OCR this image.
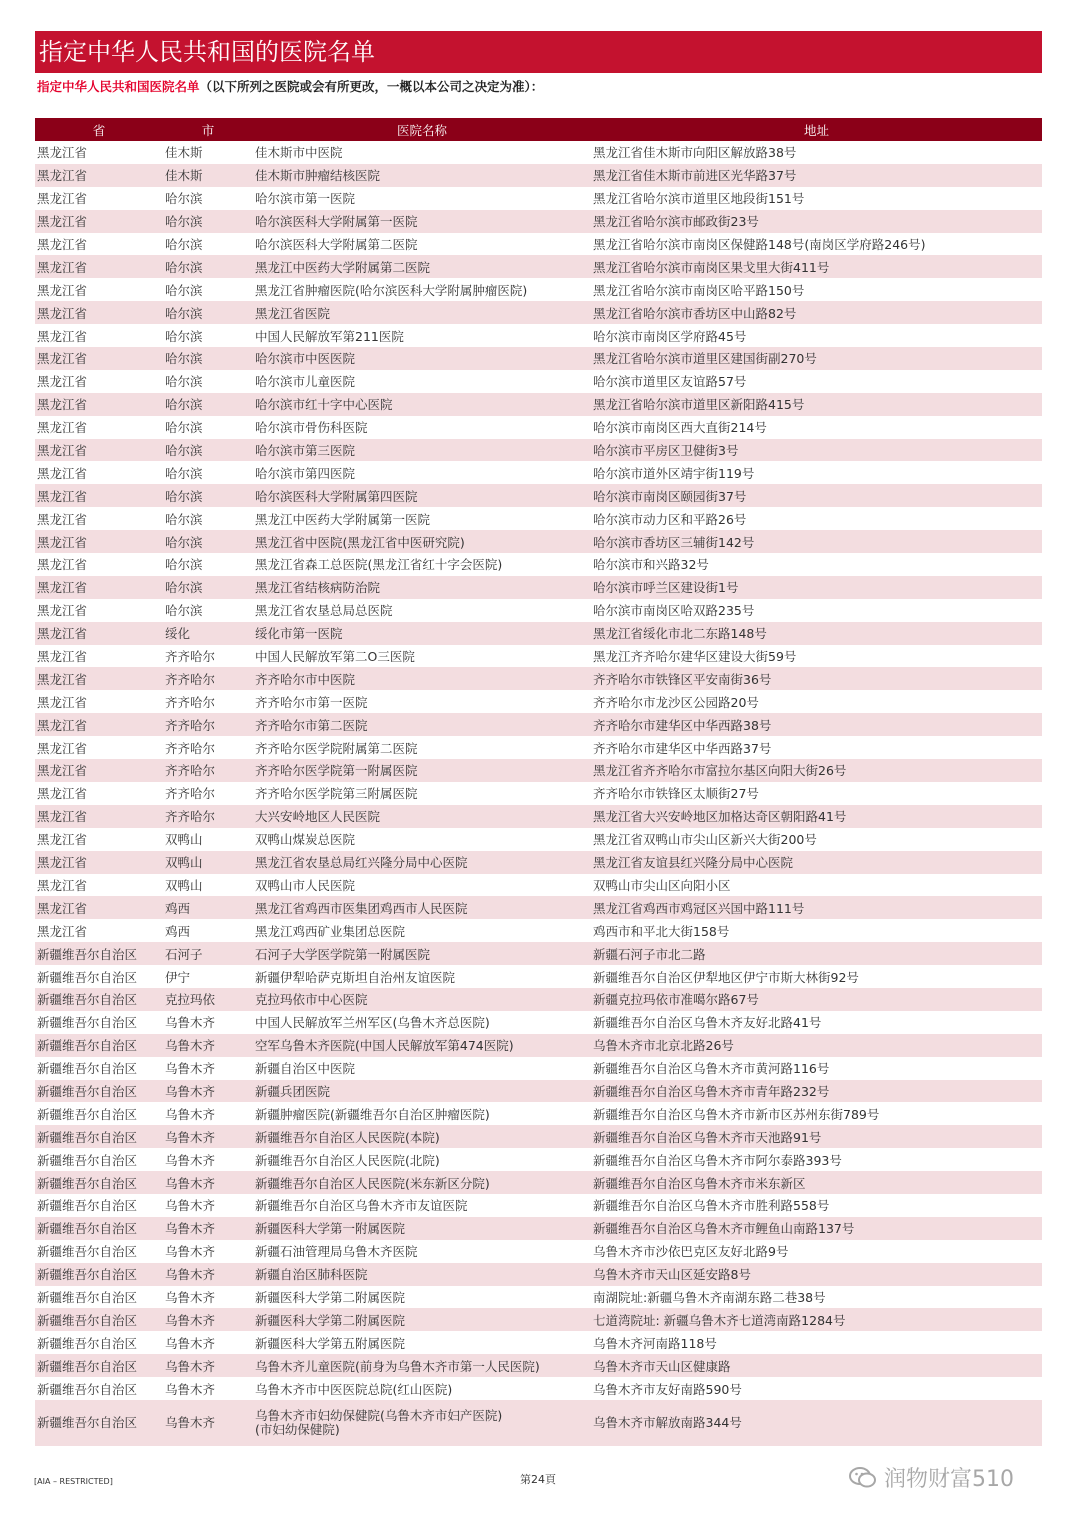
指定中华人民共和国的医院名单
指定中华人民共和国医院名单（以下所列之医院或会有所更改，一概以本公司之决定为准）：
省	市	医院名称	地址
黑龙江省	佳木斯	佳木斯市中医院	黑龙江省佳木斯市向阳区解放路38号
黑龙江省	佳木斯	佳木斯市肿瘤结核医院	黑龙江省佳木斯市前进区光华路37号
黑龙江省	哈尔滨	哈尔滨市第一医院	黑龙江省哈尔滨市道里区地段街151号
黑龙江省	哈尔滨	哈尔滨医科大学附属第一医院	黑龙江省哈尔滨市邮政街23号
黑龙江省	哈尔滨	哈尔滨医科大学附属第二医院	黑龙江省哈尔滨市南岗区保健路148号(南岗区学府路246号)
黑龙江省	哈尔滨	黑龙江中医药大学附属第二医院	黑龙江省哈尔滨市南岗区果戈里大街411号
黑龙江省	哈尔滨	黑龙江省肿瘤医院(哈尔滨医科大学附属肿瘤医院)	黑龙江省哈尔滨市南岗区哈平路150号
黑龙江省	哈尔滨	黑龙江省医院	黑龙江省哈尔滨市香坊区中山路82号
黑龙江省	哈尔滨	中国人民解放军第211医院	哈尔滨市南岗区学府路45号
黑龙江省	哈尔滨	哈尔滨市中医医院	黑龙江省哈尔滨市道里区建国街副270号
黑龙江省	哈尔滨	哈尔滨市儿童医院	哈尔滨市道里区友谊路57号
黑龙江省	哈尔滨	哈尔滨市红十字中心医院	黑龙江省哈尔滨市道里区新阳路415号
黑龙江省	哈尔滨	哈尔滨市骨伤科医院	哈尔滨市南岗区西大直街214号
黑龙江省	哈尔滨	哈尔滨市第三医院	哈尔滨市平房区卫健街3号
黑龙江省	哈尔滨	哈尔滨市第四医院	哈尔滨市道外区靖宇街119号
黑龙江省	哈尔滨	哈尔滨医科大学附属第四医院	哈尔滨市南岗区颐园街37号
黑龙江省	哈尔滨	黑龙江中医药大学附属第一医院	哈尔滨市动力区和平路26号
黑龙江省	哈尔滨	黑龙江省中医院(黑龙江省中医研究院)	哈尔滨市香坊区三辅街142号
黑龙江省	哈尔滨	黑龙江省森工总医院(黑龙江省红十字会医院)	哈尔滨市和兴路32号
黑龙江省	哈尔滨	黑龙江省结核病防治院	哈尔滨市呼兰区建设街1号
黑龙江省	哈尔滨	黑龙江省农垦总局总医院	哈尔滨市南岗区哈双路235号
黑龙江省	绥化	绥化市第一医院	黑龙江省绥化市北二东路148号
黑龙江省	齐齐哈尔	中国人民解放军第二O三医院	黑龙江齐齐哈尔建华区建设大街59号
黑龙江省	齐齐哈尔	齐齐哈尔市中医院	齐齐哈尔市铁锋区平安南街36号
黑龙江省	齐齐哈尔	齐齐哈尔市第一医院	齐齐哈尔市龙沙区公园路20号
黑龙江省	齐齐哈尔	齐齐哈尔市第二医院	齐齐哈尔市建华区中华西路38号
黑龙江省	齐齐哈尔	齐齐哈尔医学院附属第二医院	齐齐哈尔市建华区中华西路37号
黑龙江省	齐齐哈尔	齐齐哈尔医学院第一附属医院	黑龙江省齐齐哈尔市富拉尔基区向阳大街26号
黑龙江省	齐齐哈尔	齐齐哈尔医学院第三附属医院	齐齐哈尔市铁锋区太顺街27号
黑龙江省	齐齐哈尔	大兴安岭地区人民医院	黑龙江省大兴安岭地区加格达奇区朝阳路41号
黑龙江省	双鸭山	双鸭山煤炭总医院	黑龙江省双鸭山市尖山区新兴大街200号
黑龙江省	双鸭山	黑龙江省农垦总局红兴隆分局中心医院	黑龙江省友谊县红兴隆分局中心医院
黑龙江省	双鸭山	双鸭山市人民医院	双鸭山市尖山区向阳小区
黑龙江省	鸡西	黑龙江省鸡西市医集团鸡西市人民医院	黑龙江省鸡西市鸡冠区兴国中路111号
黑龙江省	鸡西	黑龙江鸡西矿业集团总医院	鸡西市和平北大街158号
新疆维吾尔自治区	石河子	石河子大学医学院第一附属医院	新疆石河子市北二路
新疆维吾尔自治区	伊宁	新疆伊犁哈萨克斯坦自治州友谊医院	新疆维吾尔自治区伊犁地区伊宁市斯大林街92号
新疆维吾尔自治区	克拉玛依	克拉玛依市中心医院	新疆克拉玛依市准噶尔路67号
新疆维吾尔自治区	乌鲁木齐	中国人民解放军兰州军区(乌鲁木齐总医院)	新疆维吾尔自治区乌鲁木齐友好北路41号
新疆维吾尔自治区	乌鲁木齐	空军乌鲁木齐医院(中国人民解放军第474医院)	乌鲁木齐市北京北路26号
新疆维吾尔自治区	乌鲁木齐	新疆自治区中医院	新疆维吾尔自治区乌鲁木齐市黄河路116号
新疆维吾尔自治区	乌鲁木齐	新疆兵团医院	新疆维吾尔自治区乌鲁木齐市青年路232号
新疆维吾尔自治区	乌鲁木齐	新疆肿瘤医院(新疆维吾尔自治区肿瘤医院)	新疆维吾尔自治区乌鲁木齐市新市区苏州东街789号
新疆维吾尔自治区	乌鲁木齐	新疆维吾尔自治区人民医院(本院)	新疆维吾尔自治区乌鲁木齐市天池路91号
新疆维吾尔自治区	乌鲁木齐	新疆维吾尔自治区人民医院(北院)	新疆维吾尔自治区乌鲁木齐市阿尔泰路393号
新疆维吾尔自治区	乌鲁木齐	新疆维吾尔自治区人民医院(米东新区分院)	新疆维吾尔自治区乌鲁木齐市米东新区
新疆维吾尔自治区	乌鲁木齐	新疆维吾尔自治区乌鲁木齐市友谊医院	新疆维吾尔自治区乌鲁木齐市胜利路558号
新疆维吾尔自治区	乌鲁木齐	新疆医科大学第一附属医院	新疆维吾尔自治区乌鲁木齐市鲤鱼山南路137号
新疆维吾尔自治区	乌鲁木齐	新疆石油管理局乌鲁木齐医院	乌鲁木齐市沙依巴克区友好北路9号
新疆维吾尔自治区	乌鲁木齐	新疆自治区肺科医院	乌鲁木齐市天山区延安路8号
新疆维吾尔自治区	乌鲁木齐	新疆医科大学第二附属医院	南湖院址:新疆乌鲁木齐南湖东路二巷38号
新疆维吾尔自治区	乌鲁木齐	新疆医科大学第二附属医院	七道湾院址: 新疆乌鲁木齐七道湾南路1284号
新疆维吾尔自治区	乌鲁木齐	新疆医科大学第五附属医院	乌鲁木齐河南路118号
新疆维吾尔自治区	乌鲁木齐	乌鲁木齐儿童医院(前身为乌鲁木齐市第一人民医院)	乌鲁木齐市天山区健康路
新疆维吾尔自治区	乌鲁木齐	乌鲁木齐市中医医院总院(红山医院)	乌鲁木齐市友好南路590号
新疆维吾尔自治区	乌鲁木齐	乌鲁木齐市妇幼保健院(乌鲁木齐市妇产医院)
(市妇幼保健院)	乌鲁木齐市解放南路344号
[AIA – RESTRICTED]	第24頁	润物财富510
